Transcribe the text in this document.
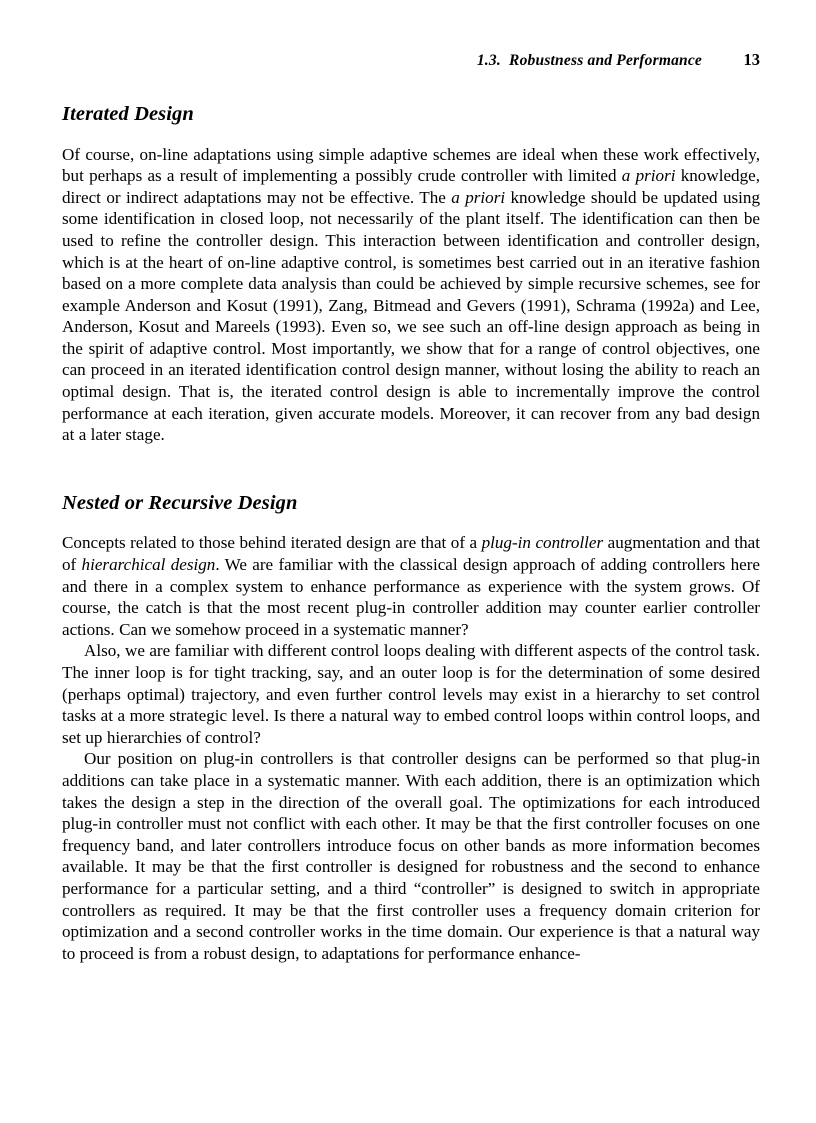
1.3.  Robustness and Performance	13
Iterated Design

Of course, on-line adaptations using simple adaptive schemes are ideal when these work effectively, but perhaps as a result of implementing a possibly crude controller with limited a priori knowledge, direct or indirect adaptations may not be effective. The a priori knowledge should be updated using some identification in closed loop, not necessarily of the plant itself. The identification can then be used to refine the controller design. This interaction between identification and controller design, which is at the heart of on-line adaptive control, is sometimes best carried out in an iterative fashion based on a more complete data analysis than could be achieved by simple recursive schemes, see for example Anderson and Kosut (1991), Zang, Bitmead and Gevers (1991), Schrama (1992a) and Lee, Anderson, Kosut and Mareels (1993). Even so, we see such an off-line design approach as being in the spirit of adaptive control. Most importantly, we show that for a range of control objectives, one can proceed in an iterated identification control design manner, without losing the ability to reach an optimal design. That is, the iterated control design is able to incrementally improve the control performance at each iteration, given accurate models. Moreover, it can recover from any bad design at a later stage.

Nested or Recursive Design

Concepts related to those behind iterated design are that of a plug-in controller augmentation and that of hierarchical design. We are familiar with the classical design approach of adding controllers here and there in a complex system to enhance performance as experience with the system grows. Of course, the catch is that the most recent plug-in controller addition may counter earlier controller actions. Can we somehow proceed in a systematic manner?

Also, we are familiar with different control loops dealing with different aspects of the control task. The inner loop is for tight tracking, say, and an outer loop is for the determination of some desired (perhaps optimal) trajectory, and even further control levels may exist in a hierarchy to set control tasks at a more strategic level. Is there a natural way to embed control loops within control loops, and set up hierarchies of control?

Our position on plug-in controllers is that controller designs can be performed so that plug-in additions can take place in a systematic manner. With each addition, there is an optimization which takes the design a step in the direction of the overall goal. The optimizations for each introduced plug-in controller must not conflict with each other. It may be that the first controller focuses on one frequency band, and later controllers introduce focus on other bands as more information becomes available. It may be that the first controller is designed for robustness and the second to enhance performance for a particular setting, and a third “controller” is designed to switch in appropriate controllers as required. It may be that the first controller uses a frequency domain criterion for optimization and a second controller works in the time domain. Our experience is that a natural way to proceed is from a robust design, to adaptations for performance enhance-
